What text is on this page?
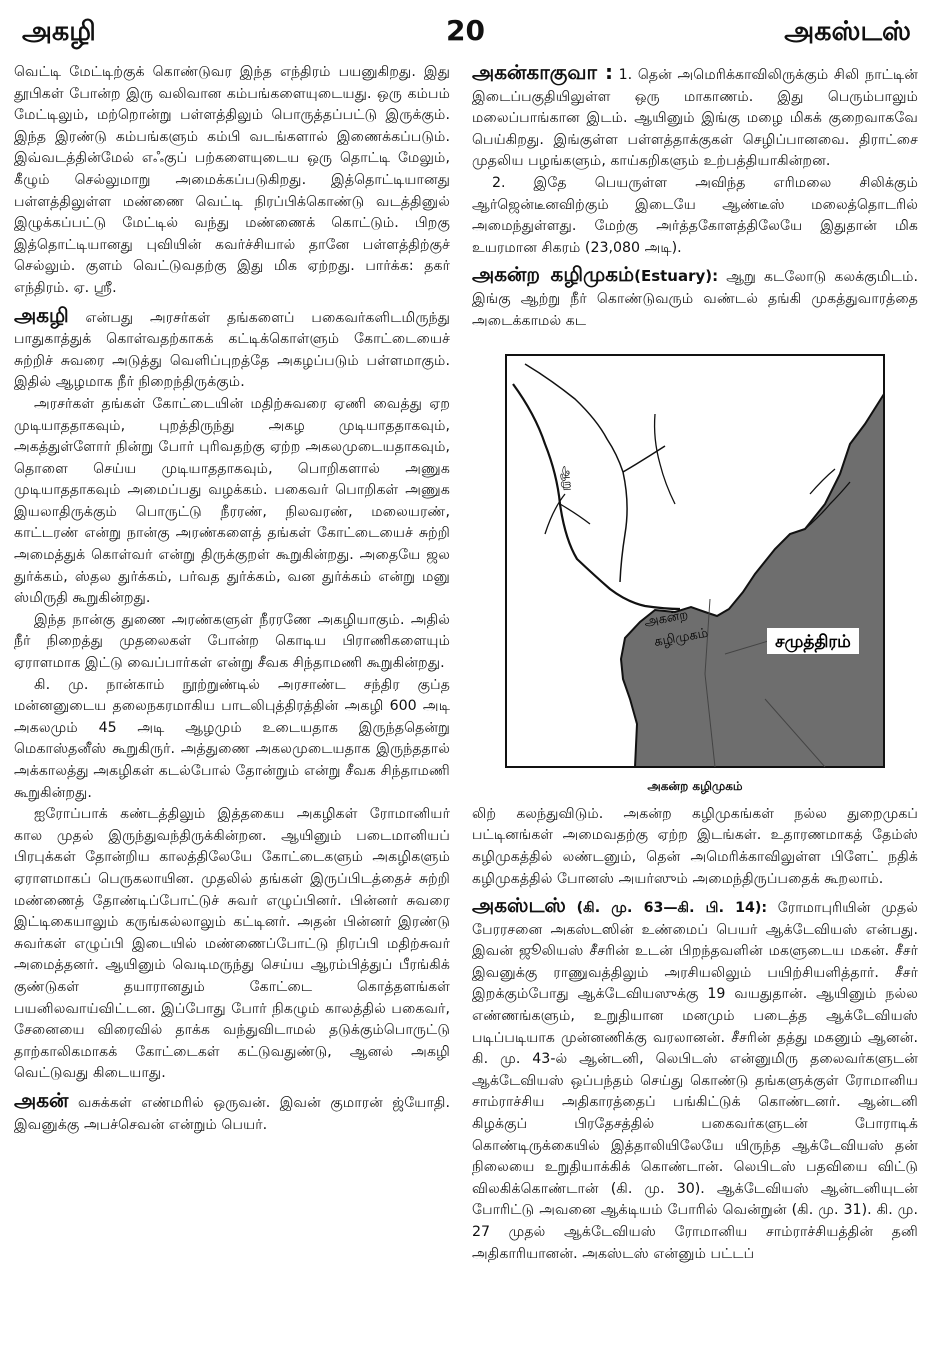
அகழி	20	அகஸ்டஸ்

வெட்டி மேட்டிற்குக் கொண்டுவர இந்த எந்திரம் பயனுகிறது. இது தூபிகள் போன்ற இரு வலிவான கம்பங்களையுடையது. ஒரு கம்பம் மேட்டிலும், மற்றொன்று பள்ளத்திலும் பொருத்தப்பட்டு இருக்கும். இந்த இரண்டு கம்பங்களும் கம்பி வடங்களால் இணைக்கப்படும். இவ்வடத்தின்மேல் எஃகுப் பற்களையுடைய ஒரு தொட்டி மேலும், கீழும் செல்லுமாறு அமைக்கப்படுகிறது. இத்தொட்டியானது பள்ளத்திலுள்ள மண்ணை வெட்டி நிரப்பிக்கொண்டு வடத்தினுல் இழுக்கப்பட்டு மேட்டில் வந்து மண்ணைக் கொட்டும். பிறகு இத்தொட்டியானது புவியின் கவர்ச்சியால் தானே பள்ளத்திற்குச் செல்லும். குளம் வெட்டுவதற்கு இது மிக ஏற்றது. பார்க்க: தகர் எந்திரம். ஏ. ஸ்ரீ.

அகழி என்பது அரசர்கள் தங்களைப் பகைவர்களிடமிருந்து பாதுகாத்துக் கொள்வதற்காகக் கட்டிக்கொள்ளும் கோட்டையைச் சுற்றிச் சுவரை அடுத்து வெளிப்புறத்தே அகழப்படும் பள்ளமாகும். இதில் ஆழமாக நீர் நிறைந்திருக்கும்.

அரசர்கள் தங்கள் கோட்டையின் மதிற்சுவரை ஏணி வைத்து ஏற முடியாததாகவும், புறத்திருந்து அகழ முடியாததாகவும், அகத்துள்ளோர் நின்று போர் புரிவதற்கு ஏற்ற அகலமுடையதாகவும், தொளை செய்ய முடியாததாகவும், பொறிகளால் அணுக முடியாததாகவும் அமைப்பது வழக்கம். பகைவர் பொறிகள் அணுக இயலாதிருக்கும் பொருட்டு நீரரண், நிலவரண், மலையரண், காட்டரண் என்று நான்கு அரண்களைத் தங்கள் கோட்டையைச் சுற்றி அமைத்துக் கொள்வர் என்று திருக்குறள் கூறுகின்றது. அதையே ஜல துர்க்கம், ஸ்தல துர்க்கம், பர்வத துர்க்கம், வன துர்க்கம் என்று மனு ஸ்மிருதி கூறுகின்றது.

இந்த நான்கு துணை அரண்களுள் நீரரணே அகழியாகும். அதில் நீர் நிறைத்து முதலைகள் போன்ற கொடிய பிராணிகளையும் ஏராளமாக இட்டு வைப்பார்கள் என்று சீவக சிந்தாமணி கூறுகின்றது.

கி. மு. நான்காம் நூற்றுண்டில் அரசாண்ட சந்திர குப்த மன்னனுடைய தலைநகரமாகிய பாடலிபுத்திரத்தின் அகழி 600 அடி அகலமும் 45 அடி ஆழமும் உடையதாக இருந்ததென்று மெகாஸ்தனீஸ் கூறுகிருர். அத்துணை அகலமுடையதாக இருந்ததால் அக்காலத்து அகழிகள் கடல்போல் தோன்றும் என்று சீவக சிந்தாமணி கூறுகின்றது.

ஐரோப்பாக் கண்டத்திலும் இத்தகைய அகழிகள் ரோமானியர் கால முதல் இருந்துவந்திருக்கின்றன. ஆயினும் படைமானியப் பிரபுக்கள் தோன்றிய காலத்திலேயே கோட்டைகளும் அகழிகளும் ஏராளமாகப் பெருகலாயின. முதலில் தங்கள் இருப்பிடத்தைச் சுற்றி மண்ணைத் தோண்டிப்போட்டுச் சுவர் எழுப்பினர். பின்னர் சுவரை இட்டிகையாலும் கருங்கல்லாலும் கட்டினர். அதன் பின்னர் இரண்டு சுவர்கள் எழுப்பி இடையில் மண்ணைப்போட்டு நிரப்பி மதிற்சுவர் அமைத்தனர். ஆயினும் வெடிமருந்து செய்ய ஆரம்பித்துப் பீரங்கிக் குண்டுகள் தயாரானதும் கோட்டை கொத்தளங்கள் பயனிலவாய்விட்டன. இப்போது போர் நிகழும் காலத்தில் பகைவர், சேனையை விரைவில் தாக்க வந்துவிடாமல் தடுக்கும்பொருட்டு தாற்காலிகமாகக் கோட்டைகள் கட்டுவதுண்டு, ஆனல் அகழி வெட்டுவது கிடையாது.

அகன் வசுக்கள் எண்மரில் ஒருவன். இவன் குமாரன் ஜ்யோதி. இவனுக்கு அபச்செவன் என்றும் பெயர்.

அகன்காகுவா : 1. தென் அமெரிக்காவிலிருக்கும் சிலி நாட்டின் இடைப்பகுதியிலுள்ள ஒரு மாகாணம். இது பெரும்பாலும் மலைப்பாங்கான இடம். ஆயினும் இங்கு மழை மிகக் குறைவாகவே பெய்கிறது. இங்குள்ள பள்ளத்தாக்குகள் செழிப்பானவை. திராட்சை முதலிய பழங்களும், காய்கறிகளும் உற்பத்தியாகின்றன.

2. இதே பெயருள்ள அவிந்த எரிமலை சிலிக்கும் ஆர்ஜென்டீனவிற்கும் இடையே ஆண்டீஸ் மலைத்தொடரில் அமைந்துள்ளது. மேற்கு அர்த்தகோளத்திலேயே இதுதான் மிக உயரமான சிகரம் (23,080 அடி).

அகன்ற கழிமுகம்(Estuary): ஆறு கடலோடு கலக்குமிடம். இங்கு ஆற்று நீர் கொண்டுவரும் வண்டல் தங்கி முகத்துவாரத்தை அடைக்காமல் கட

ஆறு
அகன்ற
கழிமுகம்	சமுத்திரம்
அகன்ற கழிமுகம்

லிற் கலந்துவிடும். அகன்ற கழிமுகங்கள் நல்ல துறைமுகப் பட்டினங்கள் அமைவதற்கு ஏற்ற இடங்கள். உதாரணமாகத் தேம்ஸ் கழிமுகத்தில் லண்டனும், தென் அமெரிக்காவிலுள்ள பிளேட் நதிக் கழிமுகத்தில் போனஸ் அயர்ஸும் அமைந்திருப்பதைக் கூறலாம்.

அகஸ்டஸ் (கி. மு. 63—கி. பி. 14): ரோமாபுரியின் முதல் பேரரசனை அகஸ்டஸின் உண்மைப் பெயர் ஆக்டேவியஸ் என்பது. இவன் ஜூலியஸ் சீசரின் உடன் பிறந்தவளின் மகளுடைய மகன். சீசர் இவனுக்கு ராணுவத்திலும் அரசியலிலும் பயிற்சியளித்தார். சீசர் இறக்கும்போது ஆக்டேவியஸுக்கு 19 வயதுதான். ஆயினும் நல்ல எண்ணங்களும், உறுதியான மனமும் படைத்த ஆக்டேவியஸ் படிப்படியாக முன்னணிக்கு வரலானன். சீசரின் தத்து மகனும் ஆனன். கி. மு. 43-ல் ஆன்டனி, லெபிடஸ் என்னுமிரு தலைவர்களுடன் ஆக்டேவியஸ் ஒப்பந்தம் செய்து கொண்டு தங்களுக்குள் ரோமானிய சாம்ராச்சிய அதிகாரத்தைப் பங்கிட்டுக் கொண்டனர். ஆன்டனி கிழக்குப் பிரதேசத்தில் பகைவர்களுடன் போராடிக் கொண்டிருக்கையில் இத்தாலியிலேயே யிருந்த ஆக்டேவியஸ் தன் நிலையை உறுதியாக்கிக் கொண்டான். லெபிடஸ் பதவியை விட்டு விலகிக்கொண்டான் (கி. மு. 30). ஆக்டேவியஸ் ஆன்டனியுடன் போரிட்டு அவனை ஆக்டியம் போரில் வென்றுன் (கி. மு. 31). கி. மு. 27 முதல் ஆக்டேவியஸ் ரோமானிய சாம்ராச்சியத்தின் தனி அதிகாரியானன். அகஸ்டஸ் என்னும் பட்டப்
